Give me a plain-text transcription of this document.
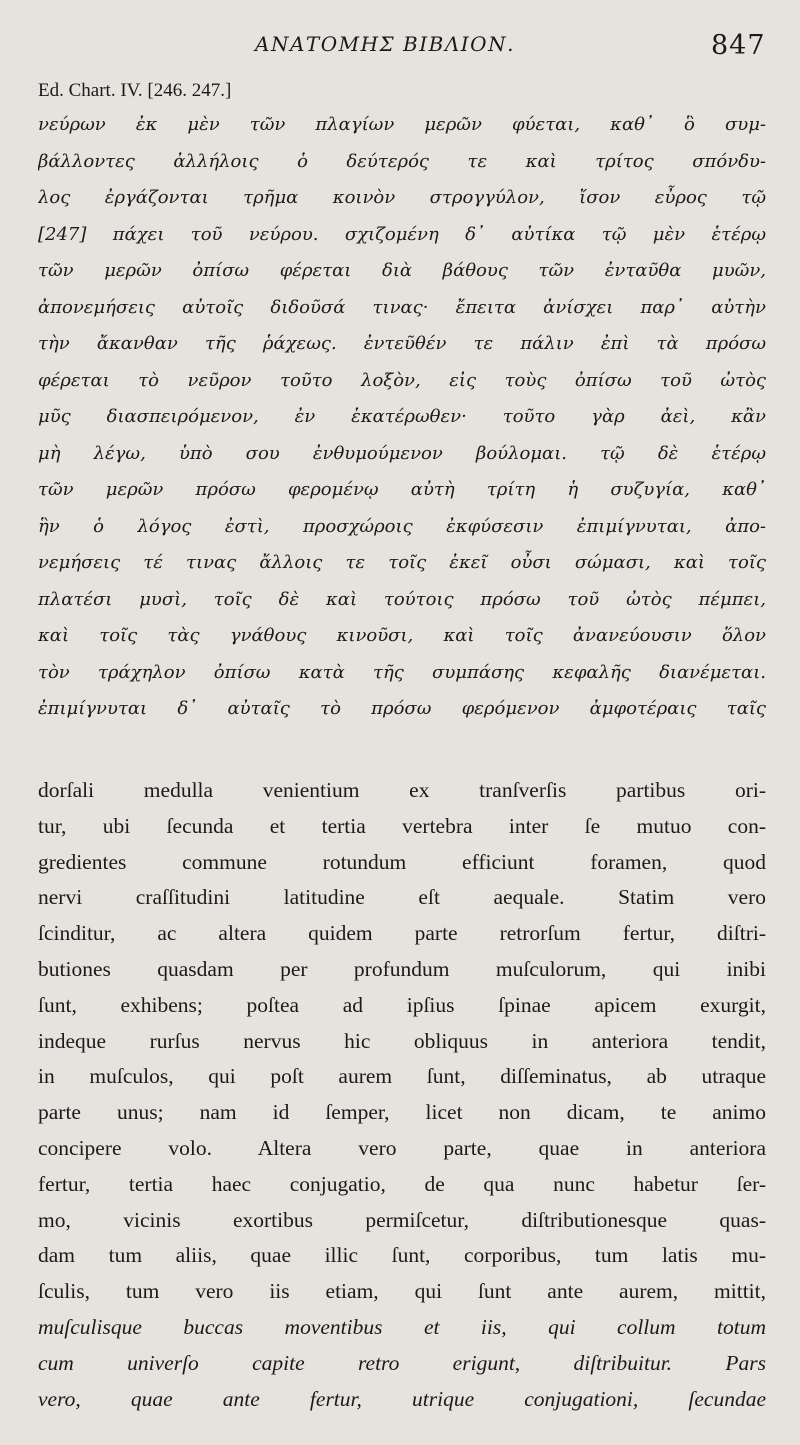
ΑΝΑΤΟΜΗΣ ΒΙΒΛΙΟΝ.	847
Ed. Chart. IV. [246. 247.]
νεύρων ἐκ μὲν τῶν πλαγίων μερῶν φύεται, καθ᾽ ὃ συμ-
βάλλοντες ἀλλήλοις ὁ δεύτερός τε καὶ τρίτος σπόνδυ-
λος ἐργάζονται τρῆμα κοινὸν στρογγύλον, ἴσον εὖρος τῷ
[247] πάχει τοῦ νεύρου. σχιζομένη δ᾽ αὐτίκα τῷ μὲν ἑτέρῳ
τῶν μερῶν ὀπίσω φέρεται διὰ βάθους τῶν ἐνταῦθα μυῶν,
ἀπονεμήσεις αὐτοῖς διδοῦσά τινας· ἔπειτα ἀνίσχει παρ᾽ αὐτὴν
τὴν ἄκανθαν τῆς ῥάχεως. ἐντεῦθέν τε πάλιν ἐπὶ τὰ πρόσω
φέρεται τὸ νεῦρον τοῦτο λοξὸν, εἰς τοὺς ὀπίσω τοῦ ὠτὸς
μῦς διασπειρόμενον, ἐν ἑκατέρωθεν· τοῦτο γὰρ ἀεὶ, κἂν
μὴ λέγω, ὑπὸ σου ἐνθυμούμενον βούλομαι. τῷ δὲ ἑτέρῳ
τῶν μερῶν πρόσω φερομένῳ αὐτὴ τρίτη ἡ συζυγία, καθ᾽
ἣν ὁ λόγος ἐστὶ, προσχώροις ἐκφύσεσιν ἐπιμίγνυται, ἀπο-
νεμήσεις τέ τινας ἄλλοις τε τοῖς ἐκεῖ οὖσι σώμασι, καὶ τοῖς
πλατέσι μυσὶ, τοῖς δὲ καὶ τούτοις πρόσω τοῦ ὠτὸς πέμπει,
καὶ τοῖς τὰς γνάθους κινοῦσι, καὶ τοῖς ἀνανεύουσιν ὅλον
τὸν τράχηλον ὀπίσω κατὰ τῆς συμπάσης κεφαλῆς διανέμεται.
ἐπιμίγνυται δ᾽ αὐταῖς τὸ πρόσω φερόμενον ἀμφοτέραις ταῖς
dorſali medulla venientium ex tranſverſis partibus ori-
tur, ubi ſecunda et tertia vertebra inter ſe mutuo con-
gredientes commune rotundum efficiunt foramen, quod
nervi craſſitudini latitudine eſt aequale. Statim vero
ſcinditur, ac altera quidem parte retrorſum fertur, diſtri-
butiones quasdam per profundum muſculorum, qui inibi
ſunt, exhibens; poſtea ad ipſius ſpinae apicem exurgit,
indeque rurſus nervus hic obliquus in anteriora tendit,
in muſculos, qui poſt aurem ſunt, diſſeminatus, ab utraque
parte unus; nam id ſemper, licet non dicam, te animo
concipere volo. Altera vero parte, quae in anteriora
fertur, tertia haec conjugatio, de qua nunc habetur ſer-
mo, vicinis exortibus permiſcetur, diſtributionesque quas-
dam tum aliis, quae illic ſunt, corporibus, tum latis mu-
ſculis, tum vero iis etiam, qui ſunt ante aurem, mittit,
muſculisque buccas moventibus et iis, qui collum totum
cum univerſo capite retro erigunt, diſtribuitur. Pars
vero, quae ante fertur, utrique conjugationi, ſecundae
